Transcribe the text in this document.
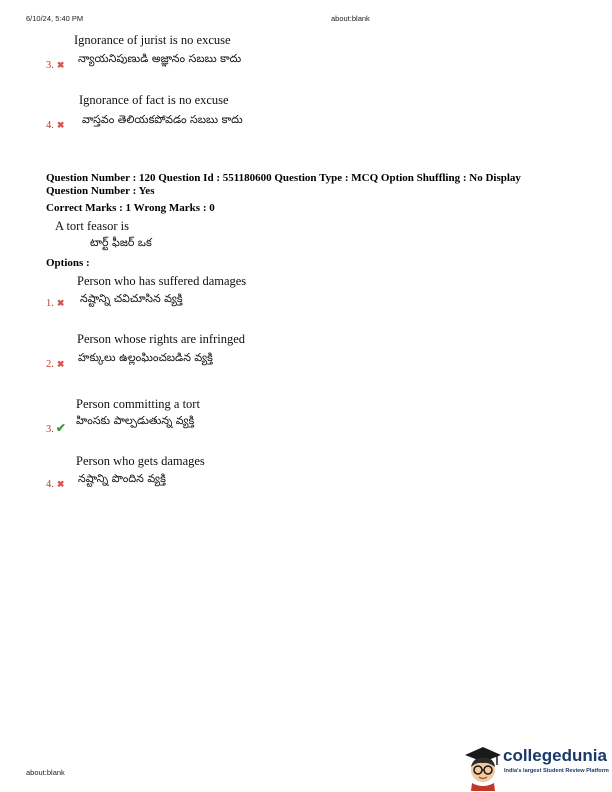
6/10/24, 5:40 PM	about:blank
Ignorance of jurist is no excuse
న్యాయనిపుణుడి అజ్ఞానం సబబు కాదు
3. ✖
Ignorance of fact is no excuse
వాస్తవం తెలియకపోవడం సబబు కాదు
4. ✖
Question Number : 120 Question Id : 551180600 Question Type : MCQ Option Shuffling : No Display
Question Number : Yes
Correct Marks : 1 Wrong Marks : 0
A tort feasor is
టార్ట్ ఫీజర్ ఒక
Options :
Person who has suffered damages
నష్టాన్ని చవిచూసిన వ్యక్తి
1. ✖
Person whose rights are infringed
హక్కులు ఉల్లంఘించబడిన వ్యక్తి
2. ✖
Person committing a tort
హింసకు పాల్పడుతున్న వ్యక్తి
3. ✔
Person who gets damages
నష్టాన్ని పొందిన వ్యక్తి
4. ✖
about:blank
collegedunia
India's largest Student Review Platform
